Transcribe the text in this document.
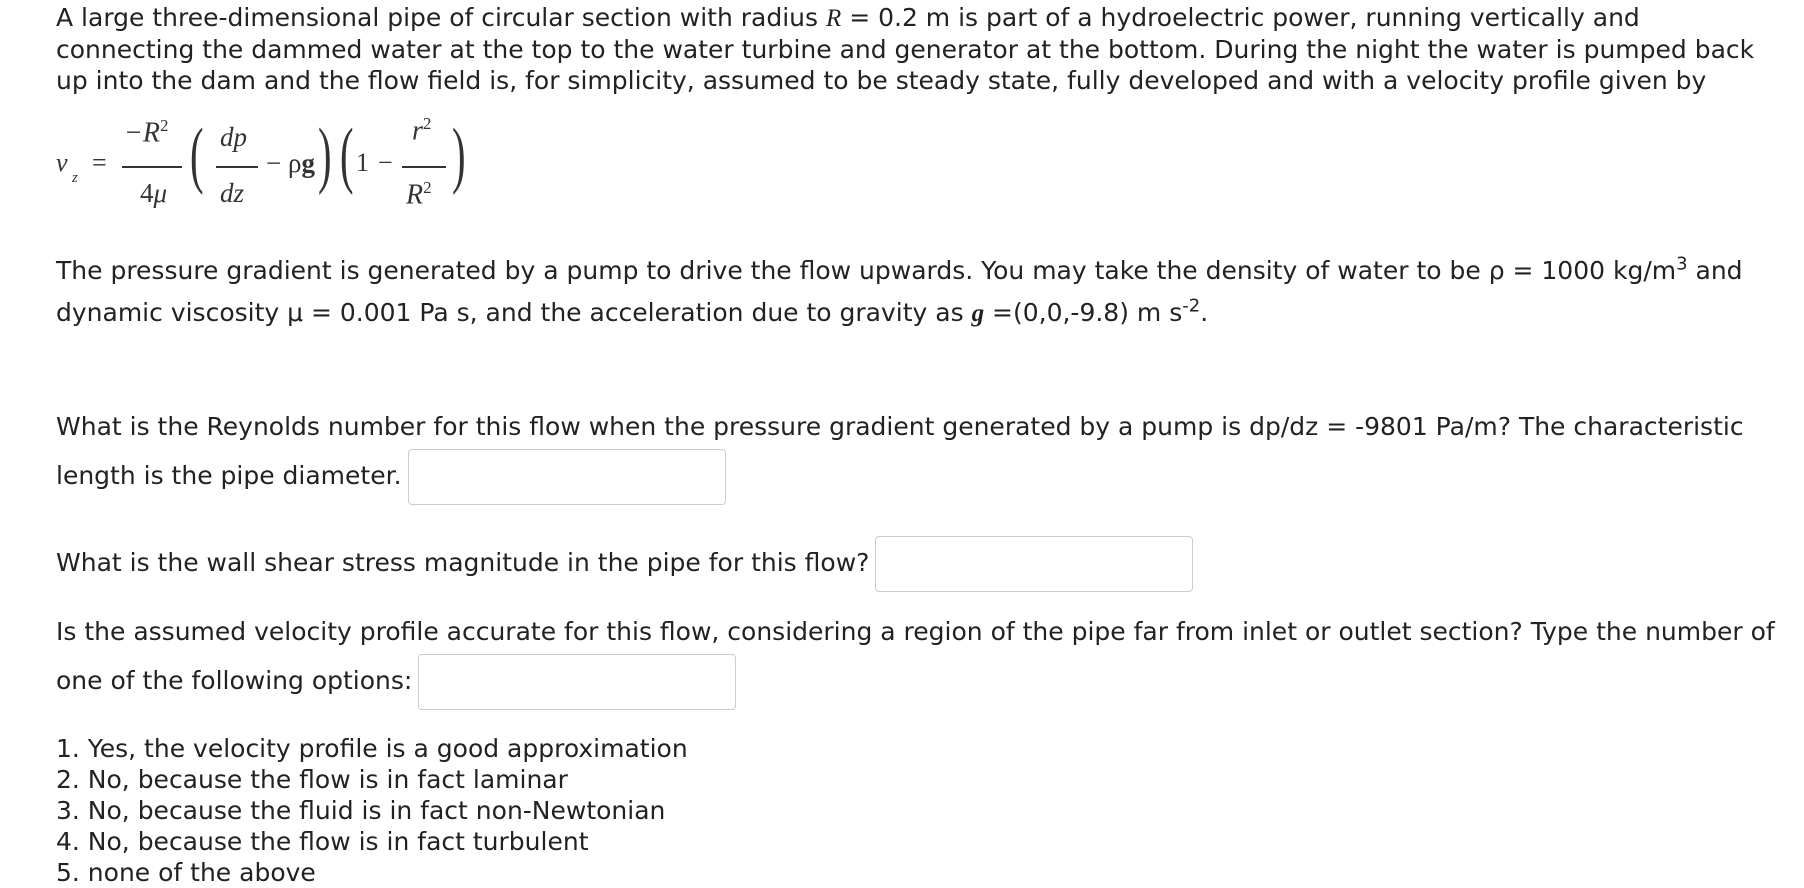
A large three-dimensional pipe of circular section with radius R = 0.2 m is part of a hydroelectric power, running vertically and connecting the dammed water at the top to the water turbine and generator at the bottom. During the night the water is pumped back up into the dam and the flow field is, for simplicity, assumed to be steady state, fully developed and with a velocity profile given by

v
z
=
$-R^2$
4μ ( dp
dz
− ρg ) ( 1 −
$r^2$
$R^2$ )

The pressure gradient is generated by a pump to drive the flow upwards. You may take the density of water to be ρ = 1000 $kg/m^3$ and dynamic viscosity μ = 0.001 Pa s, and the acceleration due to gravity as g =(0,0,-9.8) m $s^{-2}$.

What is the Reynolds number for this flow when the pressure gradient generated by a pump is dp/dz = -9801 Pa/m? The characteristic length is the pipe diameter.

What is the wall shear stress magnitude in the pipe for this flow?

Is the assumed velocity profile accurate for this flow, considering a region of the pipe far from inlet or outlet section? Type the number of one of the following options:

1. Yes, the velocity profile is a good approximation
2. No, because the flow is in fact laminar
3. No, because the fluid is in fact non-Newtonian
4. No, because the flow is in fact turbulent
5. none of the above
